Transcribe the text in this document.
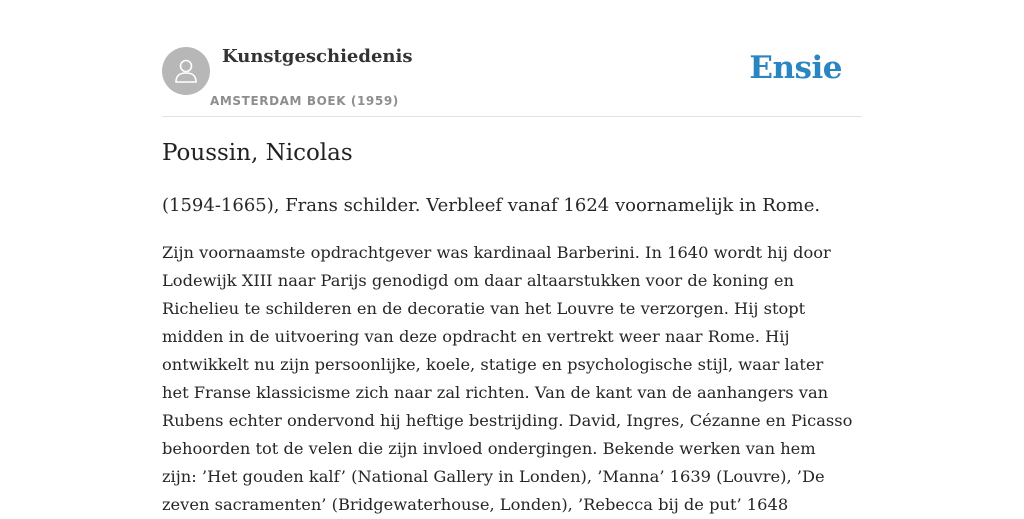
Kunstgeschiedenis
AMSTERDAM BOEK (1959)
Ensie
Poussin, Nicolas

(1594-1665), Frans schilder. Verbleef vanaf 1624 voornamelijk in Rome.

Zijn voornaamste opdrachtgever was kardinaal Barberini. In 1640 wordt hij door
Lodewijk XIII naar Parijs genodigd om daar altaarstukken voor de koning en
Richelieu te schilderen en de decoratie van het Louvre te verzorgen. Hij stopt
midden in de uitvoering van deze opdracht en vertrekt weer naar Rome. Hij
ontwikkelt nu zijn persoonlijke, koele, statige en psychologische stijl, waar later
het Franse klassicisme zich naar zal richten. Van de kant van de aanhangers van
Rubens echter ondervond hij heftige bestrijding. David, Ingres, Cézanne en Picasso
behoorden tot de velen die zijn invloed ondergingen. Bekende werken van hem
zijn: ’Het gouden kalf’ (National Gallery in Londen), ’Manna’ 1639 (Louvre), ’De
zeven sacramenten’ (Bridgewaterhouse, Londen), ’Rebecca bij de put’ 1648
